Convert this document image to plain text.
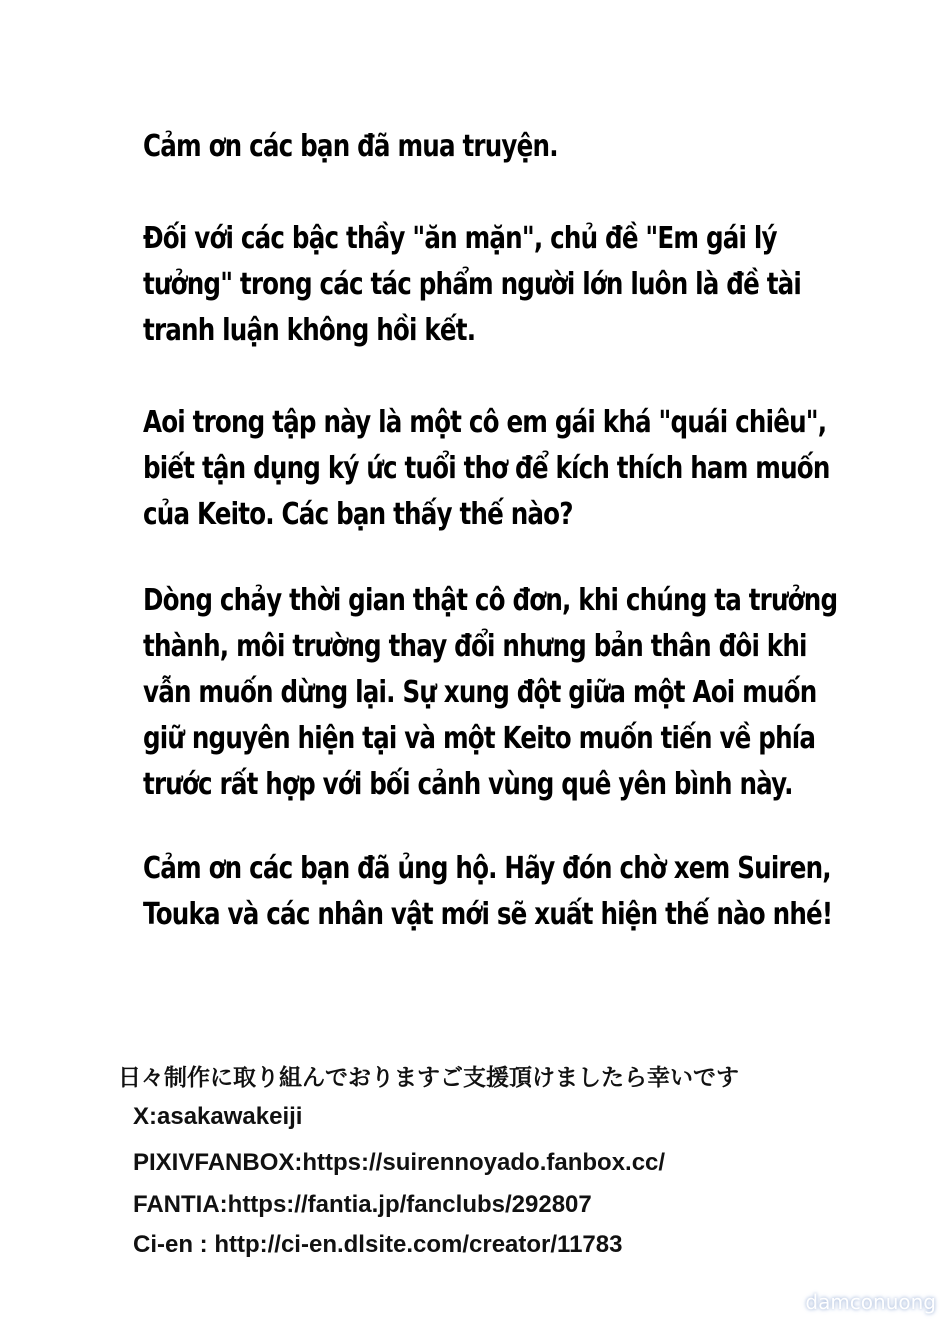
Cảm ơn các bạn đã mua truyện.

Đối với các bậc thầy "ăn mặn", chủ đề "Em gái lý

tưởng" trong các tác phẩm người lớn luôn là đề tài

tranh luận không hồi kết.

Aoi trong tập này là một cô em gái khá "quái chiêu",

biết tận dụng ký ức tuổi thơ để kích thích ham muốn

của Keito. Các bạn thấy thế nào?

Dòng chảy thời gian thật cô đơn, khi chúng ta trưởng

thành, môi trường thay đổi nhưng bản thân đôi khi

vẫn muốn dừng lại. Sự xung đột giữa một Aoi muốn

giữ nguyên hiện tại và một Keito muốn tiến về phía

trước rất hợp với bối cảnh vùng quê yên bình này.

Cảm ơn các bạn đã ủng hộ. Hãy đón chờ xem Suiren,

Touka và các nhân vật mới sẽ xuất hiện thế nào nhé!

日々制作に取り組んでおりますご支援頂けましたら幸いです
X:asakawakeiji
PIXIVFANBOX:https://suirennoyado.fanbox.cc/
FANTIA:https://fantia.jp/fanclubs/292807
Ci-en : http://ci-en.dlsite.com/creator/11783
damconuong
